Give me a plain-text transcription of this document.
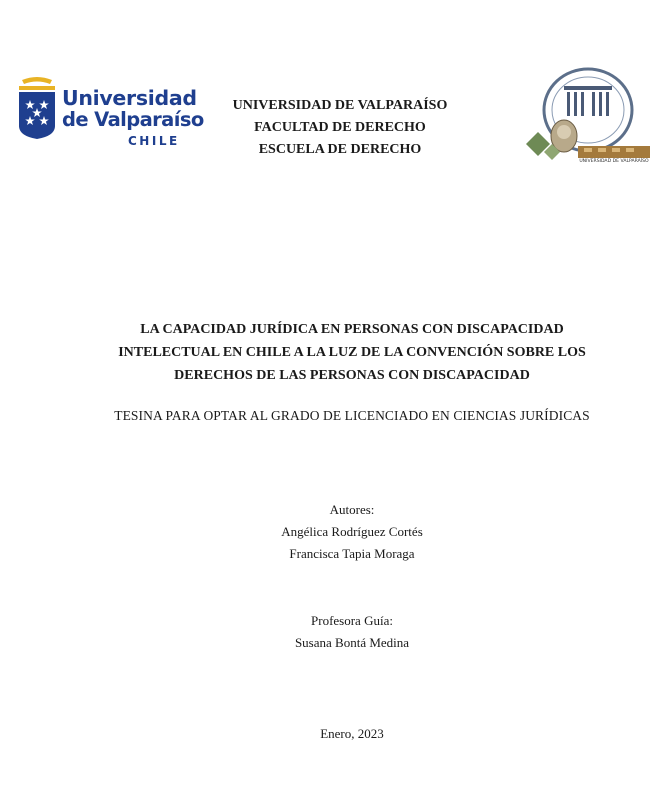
Universidad
de Valparaíso
CHILE
UNIVERSIDAD DE VALPARAÍSO
FACULTAD DE DERECHO
ESCUELA DE DERECHO
UNIVERSIDAD DE VALPARAÍSO
LA CAPACIDAD JURÍDICA EN PERSONAS CON DISCAPACIDAD
INTELECTUAL EN CHILE A LA LUZ DE LA CONVENCIÓN SOBRE LOS
DERECHOS DE LAS PERSONAS CON DISCAPACIDAD
TESINA PARA OPTAR AL GRADO DE LICENCIADO EN CIENCIAS JURÍDICAS
Autores:
Angélica Rodríguez Cortés
Francisca Tapia Moraga
Profesora Guía:
Susana Bontá Medina
Enero, 2023
